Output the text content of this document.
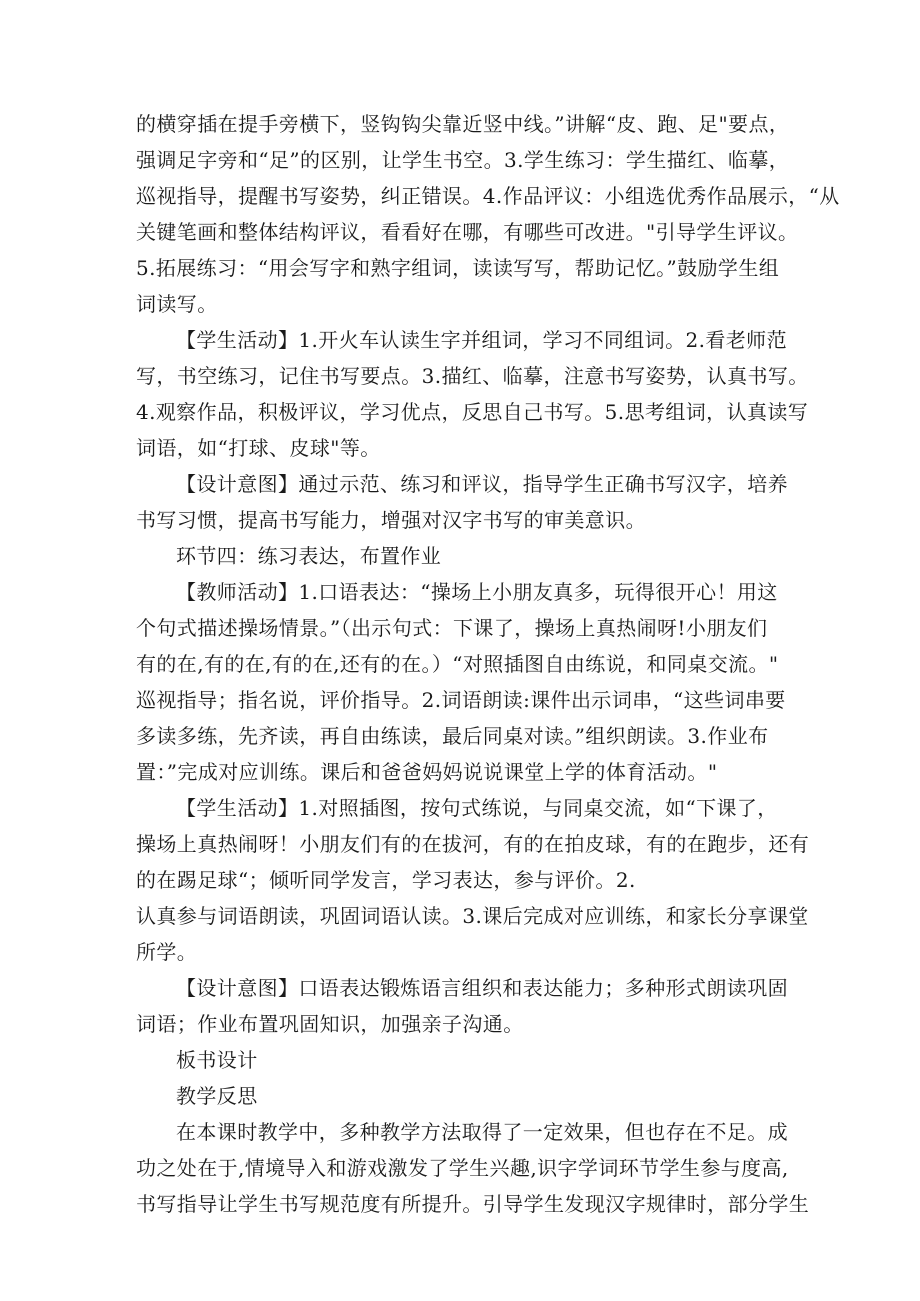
的横穿插在提手旁横下，竖钩钩尖靠近竖中线。”讲解“皮、跑、足"要点，
强调足字旁和“足”的区别，让学生书空。3.学生练习：学生描红、临摹，
巡视指导，提醒书写姿势，纠正错误。4.作品评议：小组选优秀作品展示，“从
关键笔画和整体结构评议，看看好在哪，有哪些可改进。"引导学生评议。
5.拓展练习：“用会写字和熟字组词，读读写写，帮助记忆。”鼓励学生组
词读写。
【学生活动】1.开火车认读生字并组词，学习不同组词。2.看老师范
写，书空练习，记住书写要点。3.描红、临摹，注意书写姿势，认真书写。
4.观察作品，积极评议，学习优点，反思自己书写。5.思考组词，认真读写
词语，如“打球、皮球"等。
【设计意图】通过示范、练习和评议，指导学生正确书写汉字，培养
书写习惯，提高书写能力，增强对汉字书写的审美意识。
环节四：练习表达，布置作业
【教师活动】1.口语表达：“操场上小朋友真多，玩得很开心！用这
个句式描述操场情景。”（出示句式：下课了，操场上真热闹呀!小朋友们
有的在,有的在,有的在,还有的在。）“对照插图自由练说，和同桌交流。"
巡视指导；指名说，评价指导。2.词语朗读:课件出示词串，“这些词串要
多读多练，先齐读，再自由练读，最后同桌对读。”组织朗读。3.作业布
置：”完成对应训练。课后和爸爸妈妈说说课堂上学的体育活动。"
【学生活动】1.对照插图，按句式练说，与同桌交流，如“下课了，
操场上真热闹呀！小朋友们有的在拔河，有的在拍皮球，有的在跑步，还有
的在踢足球“；倾听同学发言，学习表达，参与评价。2.
认真参与词语朗读，巩固词语认读。3.课后完成对应训练，和家长分享课堂
所学。
【设计意图】口语表达锻炼语言组织和表达能力；多种形式朗读巩固
词语；作业布置巩固知识，加强亲子沟通。
板书设计
教学反思
在本课时教学中，多种教学方法取得了一定效果，但也存在不足。成
功之处在于,情境导入和游戏激发了学生兴趣,识字学词环节学生参与度高,
书写指导让学生书写规范度有所提升。引导学生发现汉字规律时，部分学生
